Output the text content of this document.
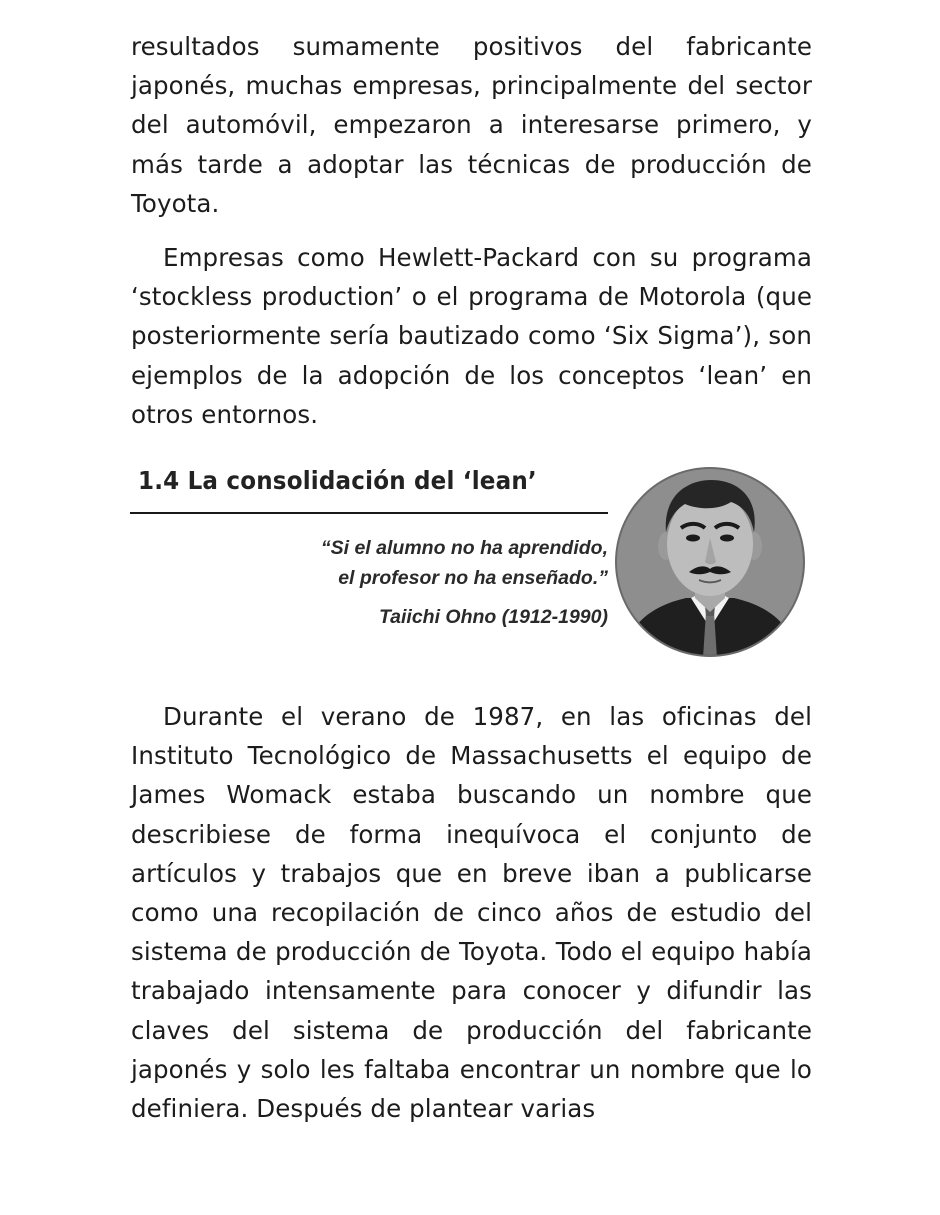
resultados sumamente positivos del fabricante japonés, muchas empresas, principalmente del sector del automóvil, empezaron a interesarse primero, y más tarde a adoptar las técnicas de producción de Toyota.

Empresas como Hewlett-Packard con su programa ‘stockless production’ o el programa de Motorola (que posteriormente sería bautizado como ‘Six Sigma’), son ejemplos de la adopción de los conceptos ‘lean’ en otros entornos.

1.4 La consolidación del ‘lean’
“Si el alumno no ha aprendido,
el profesor no ha enseñado.”
Taiichi Ohno (1912-1990)

Durante el verano de 1987, en las oficinas del Instituto Tecnológico de Massachusetts el equipo de James Womack estaba buscando un nombre que describiese de forma inequívoca el conjunto de artículos y trabajos que en breve iban a publicarse como una recopilación de cinco años de estudio del sistema de producción de Toyota. Todo el equipo había trabajado intensamente para conocer y difundir las claves del sistema de producción del fabricante japonés y solo les faltaba encontrar un nombre que lo definiera. Después de plantear varias
